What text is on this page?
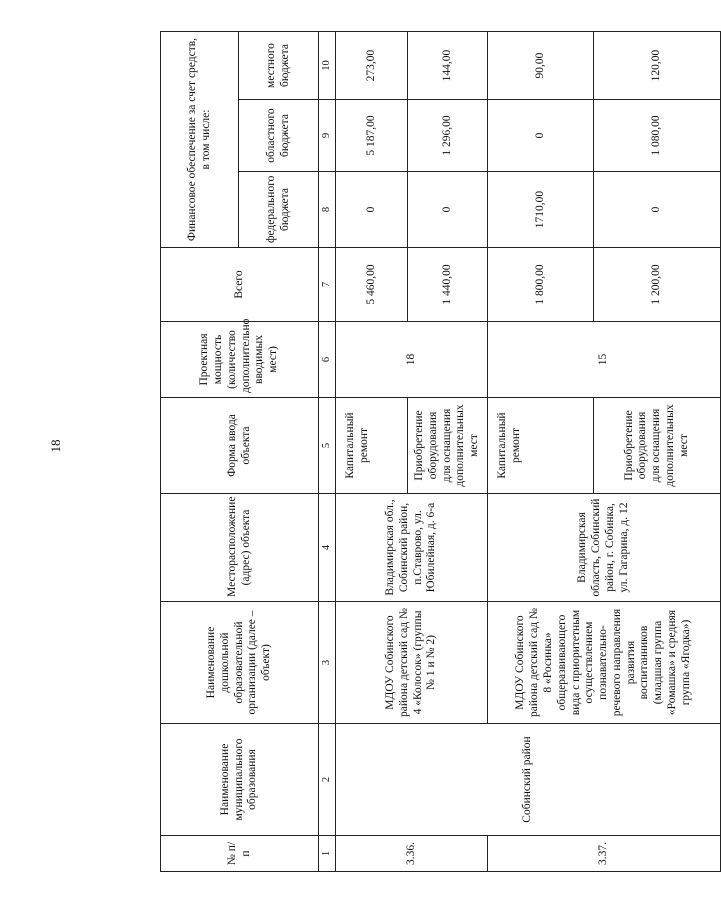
18
№ п/п	Наименование муниципального образования	Наименование дошкольной образовательной организации (далее – объект)	Месторасположение (адрес) объекта	Форма ввода объекта	Проектная мощность (количество дополнительно вводимых мест)	Всего	Финансовое обеспечение за счет средств, в том числе:		
							федерального бюджета	областного бюджета	местного бюджета
1	2	3	4	5	6	7	8	9	10
3.36.	Собинский район	МДОУ Собинского района детский сад № 4 «Колосок» (группы № 1 и № 2)	Владимирская обл., Собинский район, п.Ставрово, ул. Юбилейная, д. 6-а	Капитальный ремонт	18	5 460,00	0	5 187,00	273,00
				Приобретение оборудования для оснащения дополнительных мест		1 440,00	0	1 296,00	144,00
3.37.		МДОУ Собинского района детский сад № 8 «Росинка» общеразвивающего вида с приоритетным осуществлением познавательно-речевого направления развития воспитанников (младшая группа «Ромашка» и средняя группа «Ягодка»)	Владимирская область, Собинский район, г. Собинка, ул. Гагарина, д. 12	Капитальный ремонт	15	1 800,00	1710,00	0	90,00
				Приобретение оборудования для оснащения дополнительных мест		1 200,00	0	1 080,00	120,00
